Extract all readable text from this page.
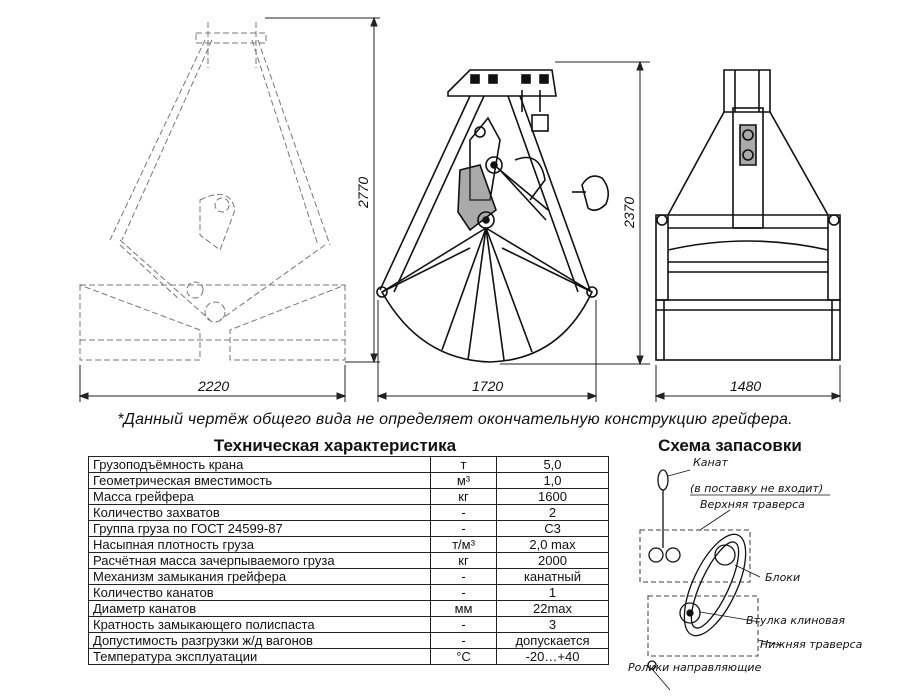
2220
2770
1720
2370
1480
Канат
(в поставку не входит)
Верхняя траверса
Блоки
Втулка клиновая
Нижняя траверса
Ролики направляющие
*Данный чертёж общего вида не определяет окончательную конструкцию грейфера.
Техническая характеристика	Схема запасовки
Грузоподъёмность крана	т	5,0
Геометрическая вместимость	м³	1,0
Масса грейфера	кг	1600
Количество захватов	-	2
Группа груза по ГОСТ 24599-87	-	С3
Насыпная плотность груза	т/м³	2,0 max
Расчётная масса зачерпываемого груза	кг	2000
Механизм замыкания грейфера	-	канатный
Количество канатов	-	1
Диаметр канатов	мм	22max
Кратность замыкающего полиспаста	-	3
Допустимость разгрузки ж/д вагонов	-	допускается
Температура эксплуатации	°С	-20…+40
